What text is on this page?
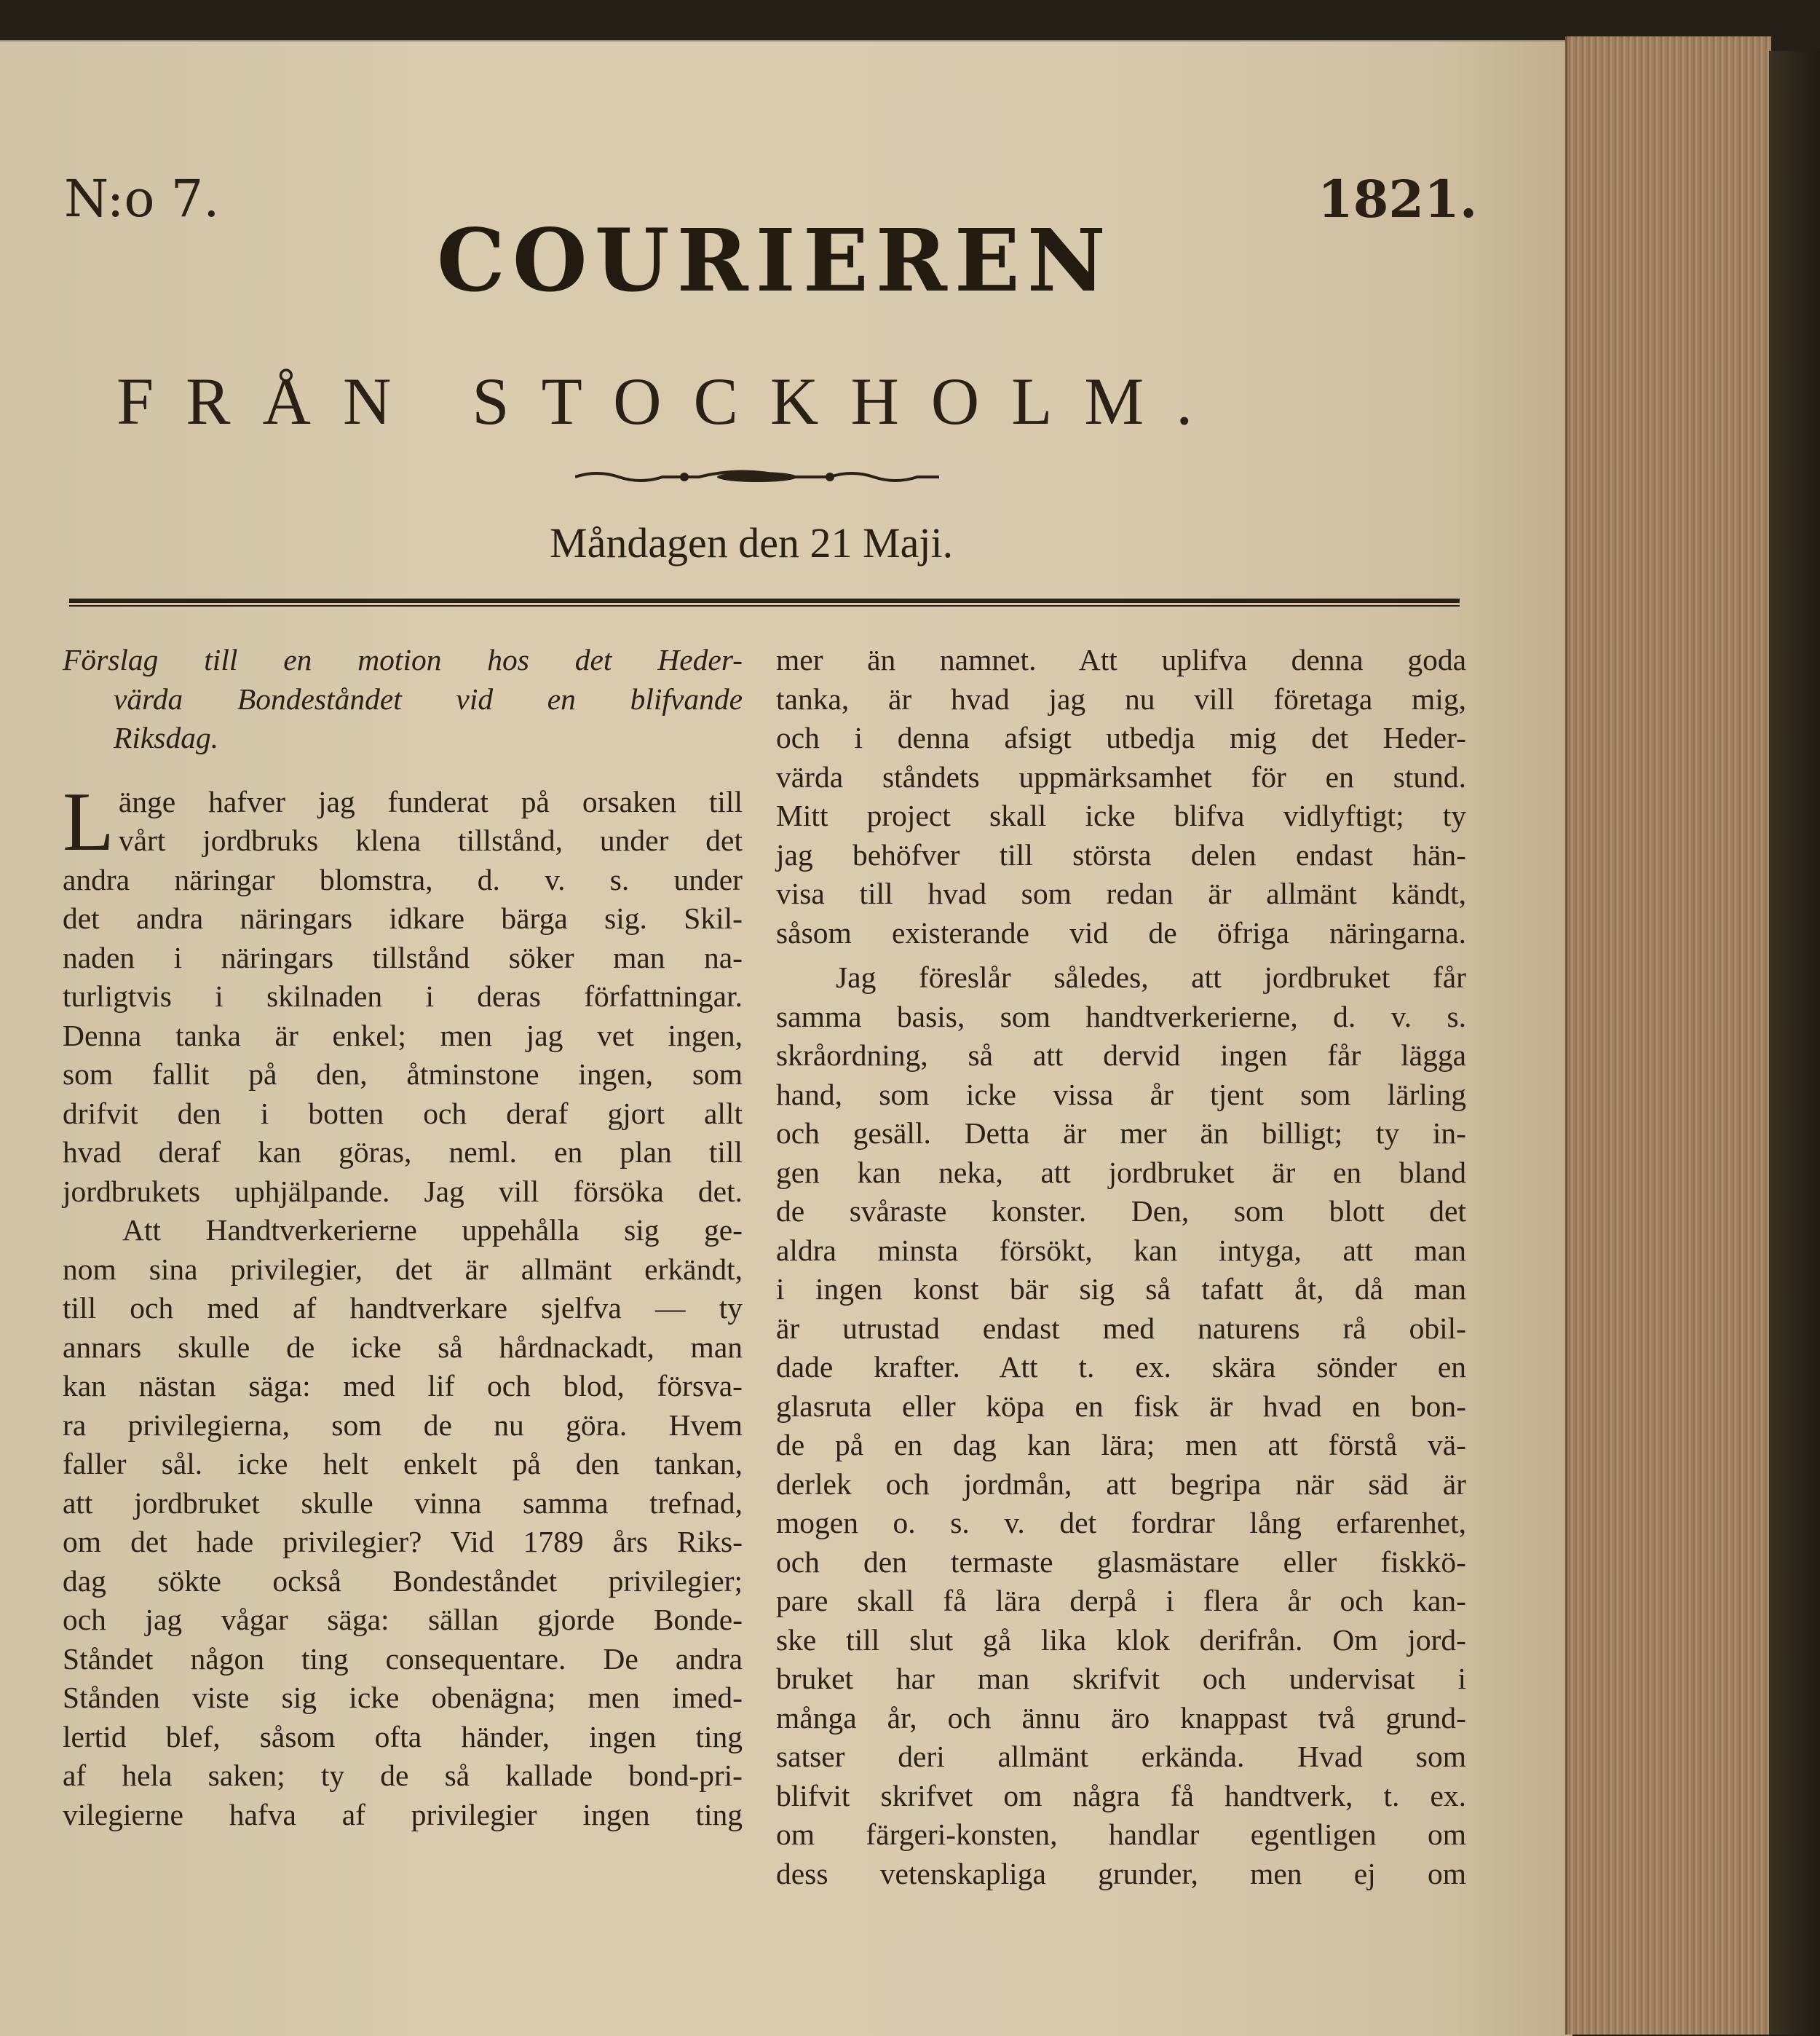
N:o 7.	1821.
COURIEREN
FRÅN STOCKHOLM.
Måndagen den 21 Maji.
Förslag till en motion hos det Heder-
värda Bondeståndet vid en blifvande
Riksdag.
L änge hafver jag funderat på orsaken till
vårt jordbruks klena tillstånd, under det
andra näringar blomstra, d. v. s. under
det andra näringars idkare bärga sig. Skil-
naden i näringars tillstånd söker man na-
turligtvis i skilnaden i deras författningar.
Denna tanka är enkel; men jag vet ingen,
som fallit på den, åtminstone ingen, som
drifvit den i botten och deraf gjort allt
hvad deraf kan göras, neml. en plan till
jordbrukets uphjälpande. Jag vill försöka det.
Att Handtverkerierne uppehålla sig ge-
nom sina privilegier, det är allmänt erkändt,
till och med af handtverkare sjelfva — ty
annars skulle de icke så hårdnackadt, man
kan nästan säga: med lif och blod, försva-
ra privilegierna, som de nu göra. Hvem
faller sål. icke helt enkelt på den tankan,
att jordbruket skulle vinna samma trefnad,
om det hade privilegier? Vid 1789 års Riks-
dag sökte också Bondeståndet privilegier;
och jag vågar säga: sällan gjorde Bonde-
Ståndet någon ting consequentare. De andra
Stånden viste sig icke obenägna; men imed-
lertid blef, såsom ofta händer, ingen ting
af hela saken; ty de så kallade bond-pri-
vilegierne hafva af privilegier ingen ting
mer än namnet. Att uplifva denna goda
tanka, är hvad jag nu vill företaga mig,
och i denna afsigt utbedja mig det Heder-
värda ståndets uppmärksamhet för en stund.
Mitt project skall icke blifva vidlyftigt; ty
jag behöfver till största delen endast hän-
visa till hvad som redan är allmänt kändt,
såsom existerande vid de öfriga näringarna.
Jag föreslår således, att jordbruket får
samma basis, som handtverkerierne, d. v. s.
skråordning, så att dervid ingen får lägga
hand, som icke vissa år tjent som lärling
och gesäll. Detta är mer än billigt; ty in-
gen kan neka, att jordbruket är en bland
de svåraste konster. Den, som blott det
aldra minsta försökt, kan intyga, att man
i ingen konst bär sig så tafatt åt, då man
är utrustad endast med naturens rå obil-
dade krafter. Att t. ex. skära sönder en
glasruta eller köpa en fisk är hvad en bon-
de på en dag kan lära; men att förstå vä-
derlek och jordmån, att begripa när säd är
mogen o. s. v. det fordrar lång erfarenhet,
och den termaste glasmästare eller fiskkö-
pare skall få lära derpå i flera år och kan-
ske till slut gå lika klok derifrån. Om jord-
bruket har man skrifvit och undervisat i
många år, och ännu äro knappast två grund-
satser deri allmänt erkända. Hvad som
blifvit skrifvet om några få handtverk, t. ex.
om färgeri-konsten, handlar egentligen om
dess vetenskapliga grunder, men ej om
